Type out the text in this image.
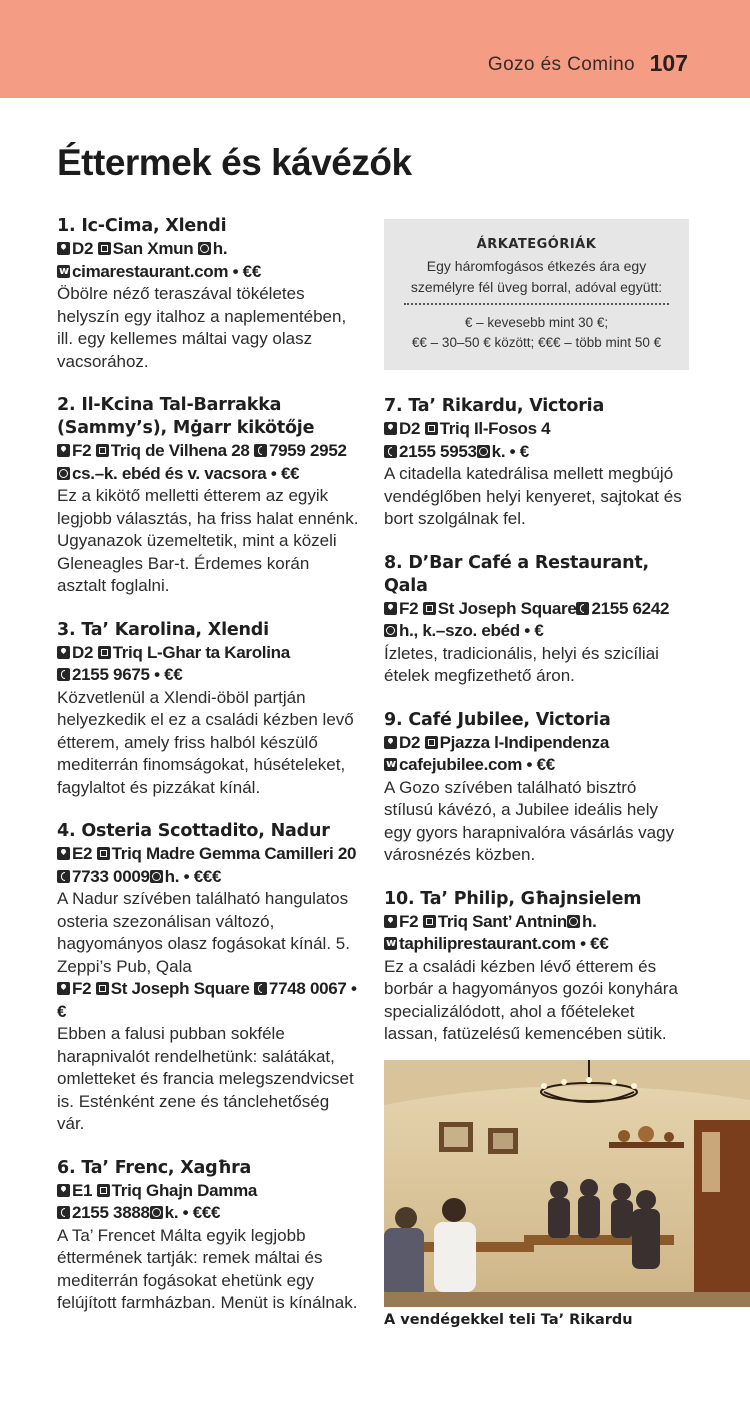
Gozo és Comino 107
Éttermek és kávézók
1. Ic-Cima, Xlendi
D2 San Xmun h.
wcimarestaurant.com • €€
Öbölre néző teraszával tökéletes helyszín egy italhoz a naplementében, ill. egy kellemes máltai vagy olasz vacsorához.
2. Il-Kcina Tal-Barrakka (Sammy’s), Mġarr kikötője
F2 Triq de Vilhena 28 7959 2952
cs.–k. ebéd és v. vacsora • €€
Ez a kikötő melletti étterem az egyik legjobb választás, ha friss halat ennénk. Ugyanazok üzemeltetik, mint a közeli Gleneagles Bar-t. Érdemes korán asztalt foglalni.
3. Ta’ Karolina, Xlendi
D2 Triq L-Ghar ta Karolina
2155 9675 • €€
Közvetlenül a Xlendi-öböl partján helyezkedik el ez a családi kézben levő étterem, amely friss halból készülő mediterrán finomságokat, húsételeket, fagylaltot és pizzákat kínál.
4. Osteria Scottadito, Nadur
E2 Triq Madre Gemma Camilleri 207733 0009 h. • €€€
A Nadur szívében található hangulatos osteria szezonálisan változó, hagyományos olasz fogásokat kínál. 5. Zeppi’s Pub, Qala
F2 St Joseph Square 7748 0067 • €
Ebben a falusi pubban sokféle harapnivalót rendelhetünk: salátákat, omletteket és francia melegszendvicset is. Esténként zene és tánclehetőség vár.
6. Ta’ Frenc, Xagħra
E1 Triq Ghajn Damma
2155 3888 k. • €€€
A Ta’ Frencet Málta egyik legjobb éttermének tartják: remek máltai és mediterrán fogásokat ehetünk egy felújított farmházban. Menüt is kínálnak.
ÁRKATEGÓRIÁK
Egy háromfogásos étkezés ára egy személyre fél üveg borral, adóval együtt:
€ – kevesebb mint 30 €;
€€ – 30–50 € között; €€€ – több mint 50 €
7. Ta’ Rikardu, Victoria
D2 Triq Il-Fosos 4
2155 5953 k. • €
A citadella katedrálisa mellett megbújó vendéglőben helyi kenyeret, sajtokat és bort szolgálnak fel.
8. D’Bar Café a Restaurant, Qala
F2 St Joseph Square 2155 6242
h., k.–szo. ebéd • €
Ízletes, tradicionális, helyi és szicíliai ételek megfizethető áron.
9. Café Jubilee, Victoria
D2 Pjazza l-Indipendenza
wcafejubilee.com • €€
A Gozo szívében található bisztró stílusú kávézó, a Jubilee ideális hely egy gyors harapnivalóra vásárlás vagy városnézés közben.
10. Ta’ Philip, Għajnsielem
F2 Triq Sant’ Antnin h.
wtaphiliprestaurant.com • €€
Ez a családi kézben lévő étterem és borbár a hagyományos gozói konyhára specializálódott, ahol a főételeket lassan, fatüzelésű kemencében sütik.
A vendégekkel teli Ta’ Rikardu
